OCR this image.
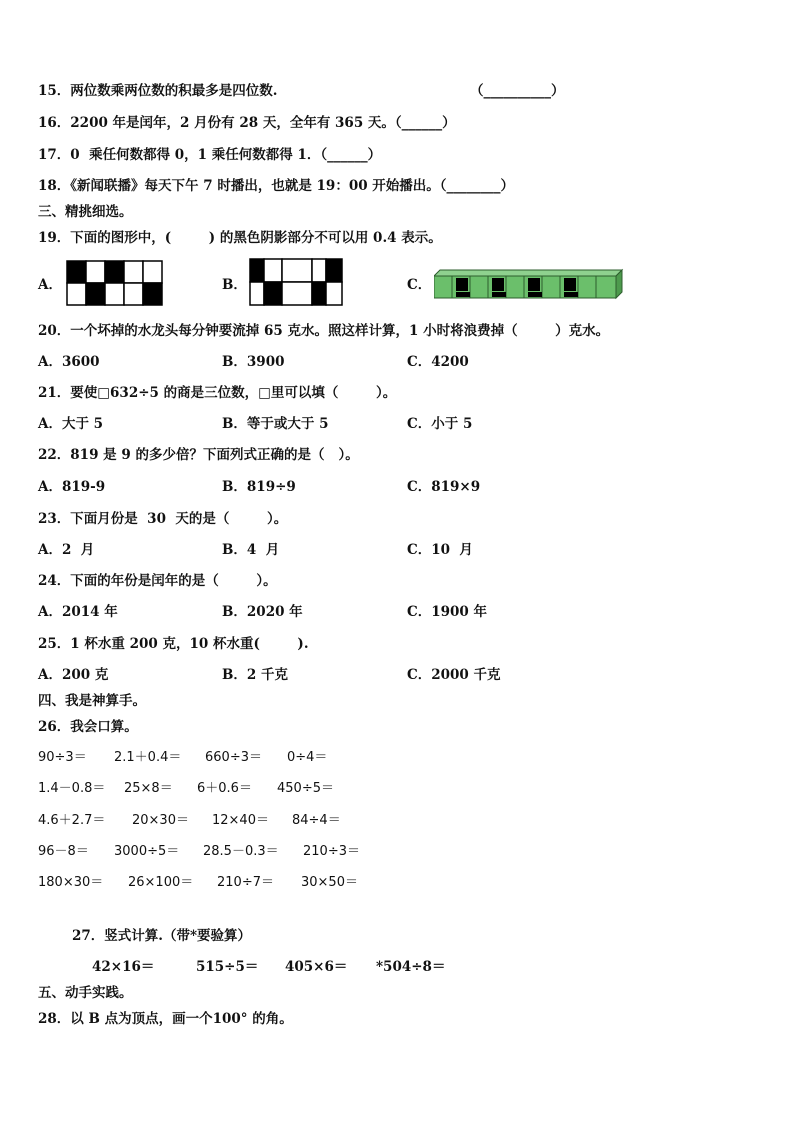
15．两位数乘两位数的积最多是四位数.	（__________）
16．2200 年是闰年，2 月份有 28 天，全年有 365 天。（______）
17．0  乘任何数都得 0，1 乘任何数都得 1．（______）
18．《新闻联播》每天下午 7 时播出，也就是 19：00 开始播出。（________）
三、精挑细选。
19．下面的图形中，(        ) 的黑色阴影部分不可以用 0.4 表示。
A．	B．	C．
20．一个坏掉的水龙头每分钟要流掉 65 克水。照这样计算，1 小时将浪费掉（        ）克水。
A．3600	B．3900	C．4200
21．要使□632÷5 的商是三位数，□里可以填（        ）。
A．大于 5	B．等于或大于 5	C．小于 5
22．819 是 9 的多少倍？下面列式正确的是（   ）。
A．819-9	B．819÷9	C．819×9
23．下面月份是  30  天的是（        ）。
A．2  月	B．4  月	C．10  月
24．下面的年份是闰年的是（        ）。
A．2014 年	B．2020 年	C．1900 年
25．1 杯水重 200 克，10 杯水重(        ).
A．200 克	B．2 千克	C．2000 千克
四、我是神算手。
26．我会口算。
90÷3＝ 2.1＋0.4＝ 660÷3＝ 0÷4＝
1.4－0.8＝ 25×8＝ 6＋0.6＝ 450÷5＝
4.6＋2.7＝ 20×30＝ 12×40＝ 84÷4＝
96－8＝ 3000÷5＝ 28.5－0.3＝ 210÷3＝
180×30＝ 26×100＝ 210÷7＝ 30×50＝
27．竖式计算.（带*要验算）
42×16＝	515÷5＝ 405×6＝ *504÷8＝
五、动手实践。
28．以 B 点为顶点，画一个100° 的角。
